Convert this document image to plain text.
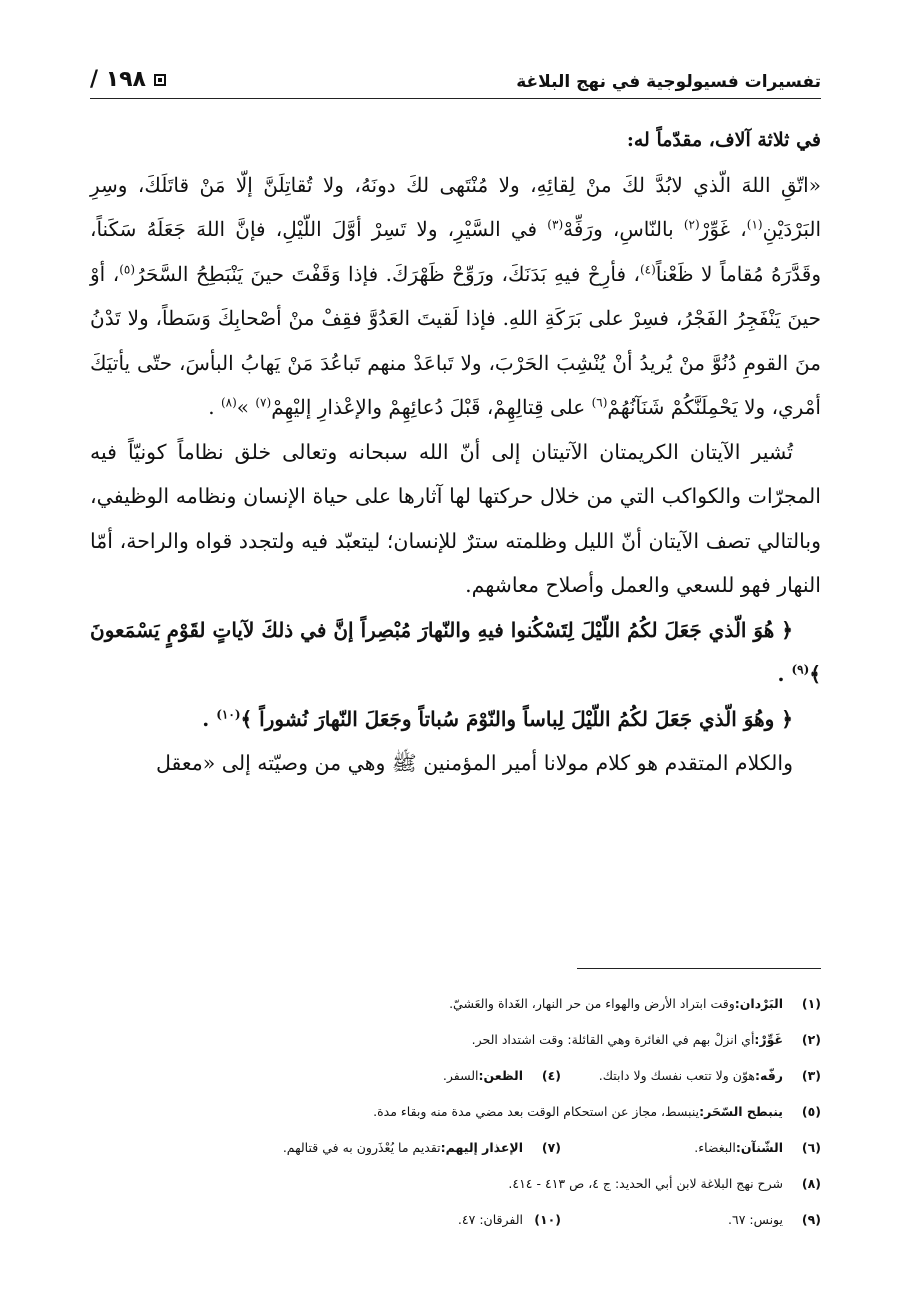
تفسيرات فسيولوجية في نهج البلاغة
١٩٨ /

في ثلاثة آلاف، مقدّماً له:

«اتّقِ اللهَ الّذي لابُدَّ لكَ منْ لِقائِهِ، ولا مُنْتَهى لكَ دونَهُ، ولا تُقاتِلَنَّ إلّا مَنْ قاتَلَكَ، وسِرِ البَرْدَيْنِ$^{(١)}$، غَوِّرْ$^{(٢)}$ بالنّاسِ، ورَفِّهْ$^{(٣)}$ في السَّيْرِ، ولا تَسِرْ أوَّلَ اللّيْلِ، فإنَّ اللهَ جَعَلَهُ سَكَناً، وقَدَّرَهُ مُقاماً لا ظَعْناً$^{(٤)}$، فأرِحْ فيهِ بَدَنَكَ، ورَوِّحْ ظَهْرَكَ. فإذا وَقَفْتَ حينَ يَنْبَطِحُ السَّحَرُ$^{(٥)}$، أوْ حينَ يَنْفَجِرُ الفَجْرُ، فسِرْ على بَرَكَةِ اللهِ. فإذا لَقيتَ العَدُوَّ فقِفْ منْ أصْحابِكَ وَسَطاً، ولا تَدْنُ منَ القومِ دُنُوَّ منْ يُريدُ أنْ يُنْشِبَ الحَرْبَ، ولا تَباعَدْ منهم تَباعُدَ مَنْ يَهابُ البأسَ، حتّى يأتيَكَ أمْري، ولا يَحْمِلَنَّكُمْ شَنَآنُهُمْ$^{(٦)}$ على قِتالِهِمْ، قَبْلَ دُعائِهِمْ والإعْذارِ إليْهِمْ$^{(٧)}$ »$^{(٨)}$ .

تُشير الآيتان الكريمتان الآتيتان إلى أنّ الله سبحانه وتعالى خلق نظاماً كونيّاً فيه المجرّات والكواكب التي من خلال حركتها لها آثارها على حياة الإنسان ونظامه الوظيفي، وبالتالي تصف الآيتان أنّ الليل وظلمته سترٌ للإنسان؛ ليتعبّد فيه ولتجدد قواه والراحة، أمّا النهار فهو للسعي والعمل وأصلاح معاشهم.

﴿ هُوَ الّذي جَعَلَ لكُمُ اللّيْلَ لِتَسْكُنوا فيهِ والنّهارَ مُبْصِراً إنَّ في ذلكَ لآياتٍ لقَوْمٍ يَسْمَعونَ ﴾$^{(٩)}$ .

﴿ وهُوَ الّذي جَعَلَ لكُمُ اللّيْلَ لِباساً والنّوْمَ سُباتاً وجَعَلَ النّهارَ نُشوراً ﴾$^{(١٠)}$ .

والكلام المتقدم هو كلام مولانا أمير المؤمنين ﷺ وهي من وصيّته إلى «معقل

(١)
البَرْدان:
وقت ابتراد الأرض والهواء من حر النهار، الغَداة والعَشيّ.
(٢)
غَوِّرْ:
أي انزلْ بهم في الغائرة وهي القائلة: وقت اشتداد الحر.
(٣)
رفّه:
هوّن ولا تتعب نفسك ولا دابتك.
(٤)
الظعن:
السفر.
(٥)
ينبطح السّحَر:
ينبسط، مجاز عن استحكام الوقت بعد مضي مدة منه وبقاء مدة.
(٦)
الشّنآن:
البغضاء.
(٧)
الإعذار إليهم:
تقديم ما يُعْذَرون به في قتالهم.
(٨)
شرح نهج البلاغة لابن أبي الحديد: ج ٤، ص ٤١٣ - ٤١٤.
(٩)
يونس: ٦٧.
(١٠)
الفرقان: ٤٧.
